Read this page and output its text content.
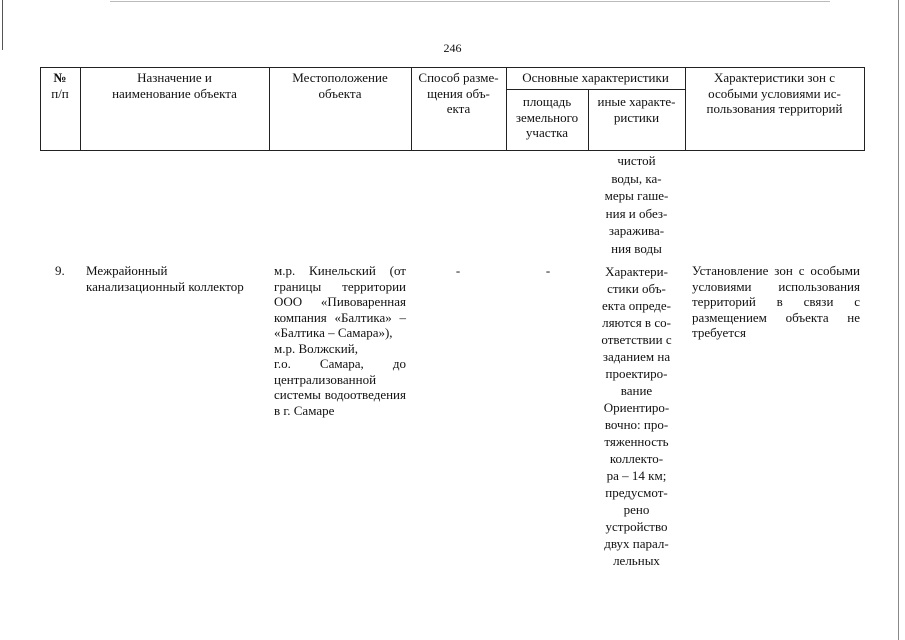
246
№
п/п
Назначение и
наименование объекта
Местоположение
объекта
Способ разме-
щения объ-
екта
Основные характеристики
площадь
земельного
участка
иные характе-
ристики
Характеристики зон с
особыми условиями ис-
пользования территорий
чистой
воды, ка-
меры гаше-
ния и обез-
заражива-
ния воды
9. Межрайонный канализационный коллектор
м.р. Кинельский (от границы территории ООО «Пивоваренная компания «Балтика» – «Балтика – Самара»),
м.р. Волжский,
г.о. Самара, до централизованной системы водоотведения в г. Самаре
-	-	Характери-
стики объ-
екта опреде-
ляются в со-
ответствии с
заданием на
проектиро-
вание
Ориентиро-
вочно: про-
тяженность
коллекто-
ра – 14 км;
предусмот-
рено
устройство
двух парал-
лельных
Установление зон с особыми условиями использования территорий в связи с размещением объекта не требуется
